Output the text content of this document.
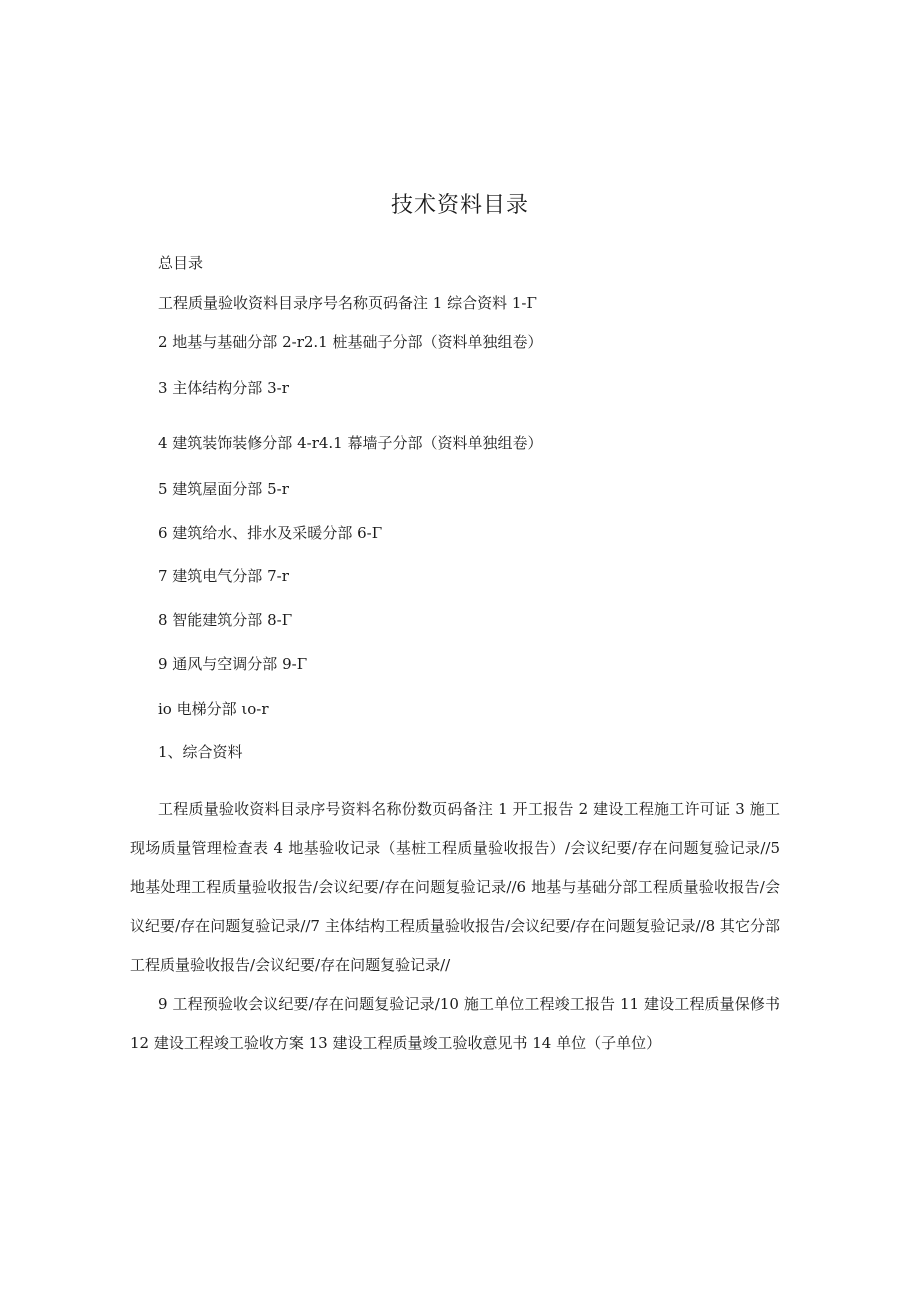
技术资料目录
总目录
工程质量验收资料目录序号名称页码备注 1 综合资料 1-Γ
2 地基与基础分部 2-r2.1 桩基础子分部（资料单独组卷）
3 主体结构分部 3-r
4 建筑装饰装修分部 4-r4.1 幕墙子分部（资料单独组卷）
5 建筑屋面分部 5-r
6 建筑给水、排水及采暖分部 6-Γ
7 建筑电气分部 7-r
8 智能建筑分部 8-Γ
9 通风与空调分部 9-Γ
io 电梯分部 ιo-r
1、综合资料

工程质量验收资料目录序号资料名称份数页码备注 1 开工报告 2 建设工程施工许可证 3 施工现场质量管理检查表 4 地基验收记录（基桩工程质量验收报告）/会议纪要/存在问题复验记录//5 地基处理工程质量验收报告/会议纪要/存在问题复验记录//6 地基与基础分部工程质量验收报告/会议纪要/存在问题复验记录//7 主体结构工程质量验收报告/会议纪要/存在问题复验记录//8 其它分部工程质量验收报告/会议纪要/存在问题复验记录//

9 工程预验收会议纪要/存在问题复验记录/10 施工单位工程竣工报告 11 建设工程质量保修书 12 建设工程竣工验收方案 13 建设工程质量竣工验收意见书 14 单位（子单位）
